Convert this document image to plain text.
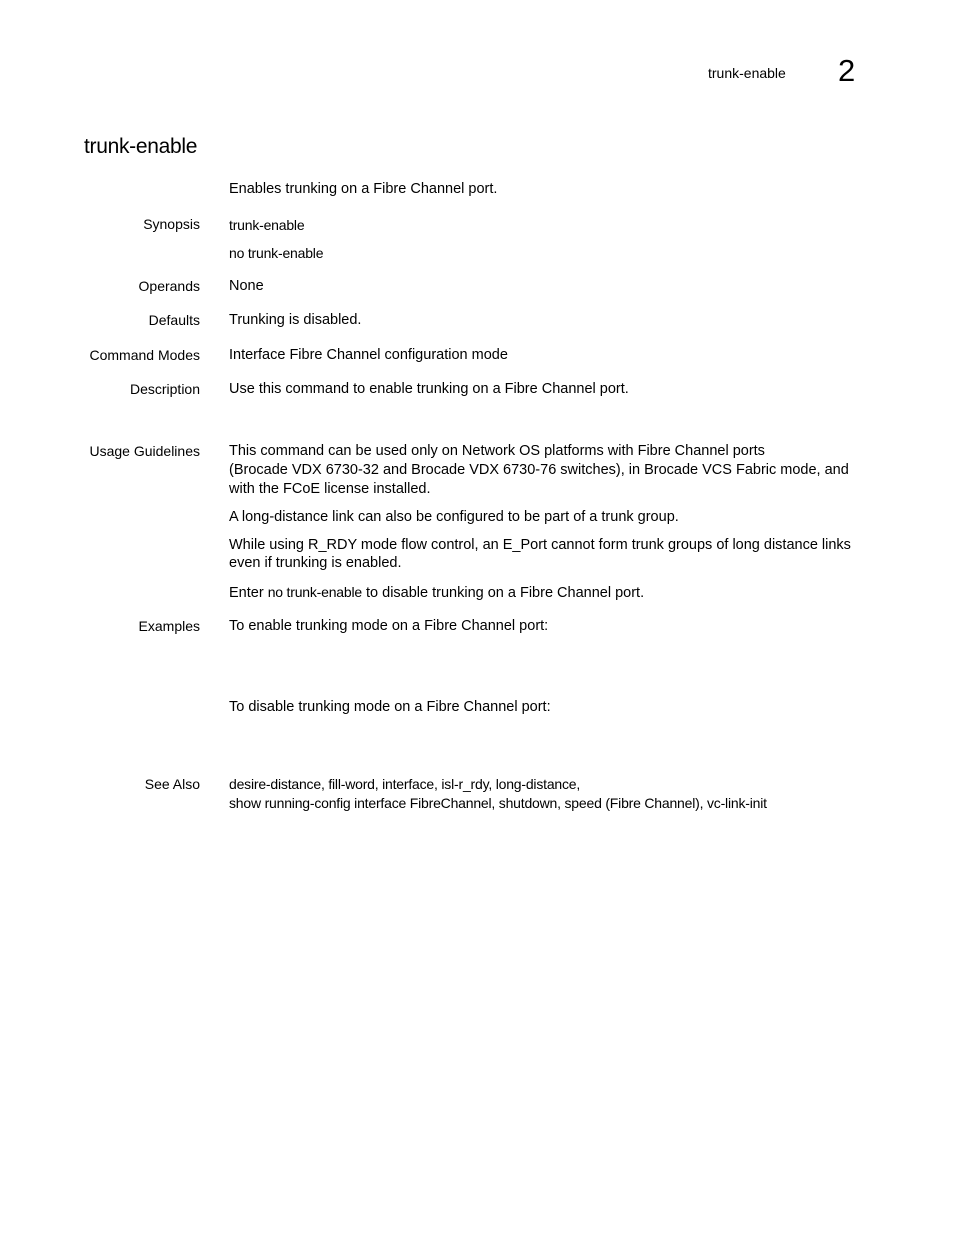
trunk-enable 2
trunk-enable
Enables trunking on a Fibre Channel port.
Synopsis trunk-enable
no trunk-enable
Operands None
Defaults Trunking is disabled.
Command Modes Interface Fibre Channel configuration mode
Description Use this command to enable trunking on a Fibre Channel port.
Usage Guidelines This command can be used only on Network OS platforms with Fibre Channel ports
(Brocade VDX 6730-32 and Brocade VDX 6730-76 switches), in Brocade VCS Fabric mode, and
with the FCoE license installed.
A long-distance link can also be configured to be part of a trunk group.
While using R_RDY mode flow control, an E_Port cannot form trunk groups of long distance links
even if trunking is enabled.
Enter no trunk-enable to disable trunking on a Fibre Channel port.
Examples To enable trunking mode on a Fibre Channel port:
To disable trunking mode on a Fibre Channel port:
See Also desire-distance, fill-word, interface, isl-r_rdy, long-distance,
show running-config interface FibreChannel, shutdown, speed (Fibre Channel), vc-link-init
